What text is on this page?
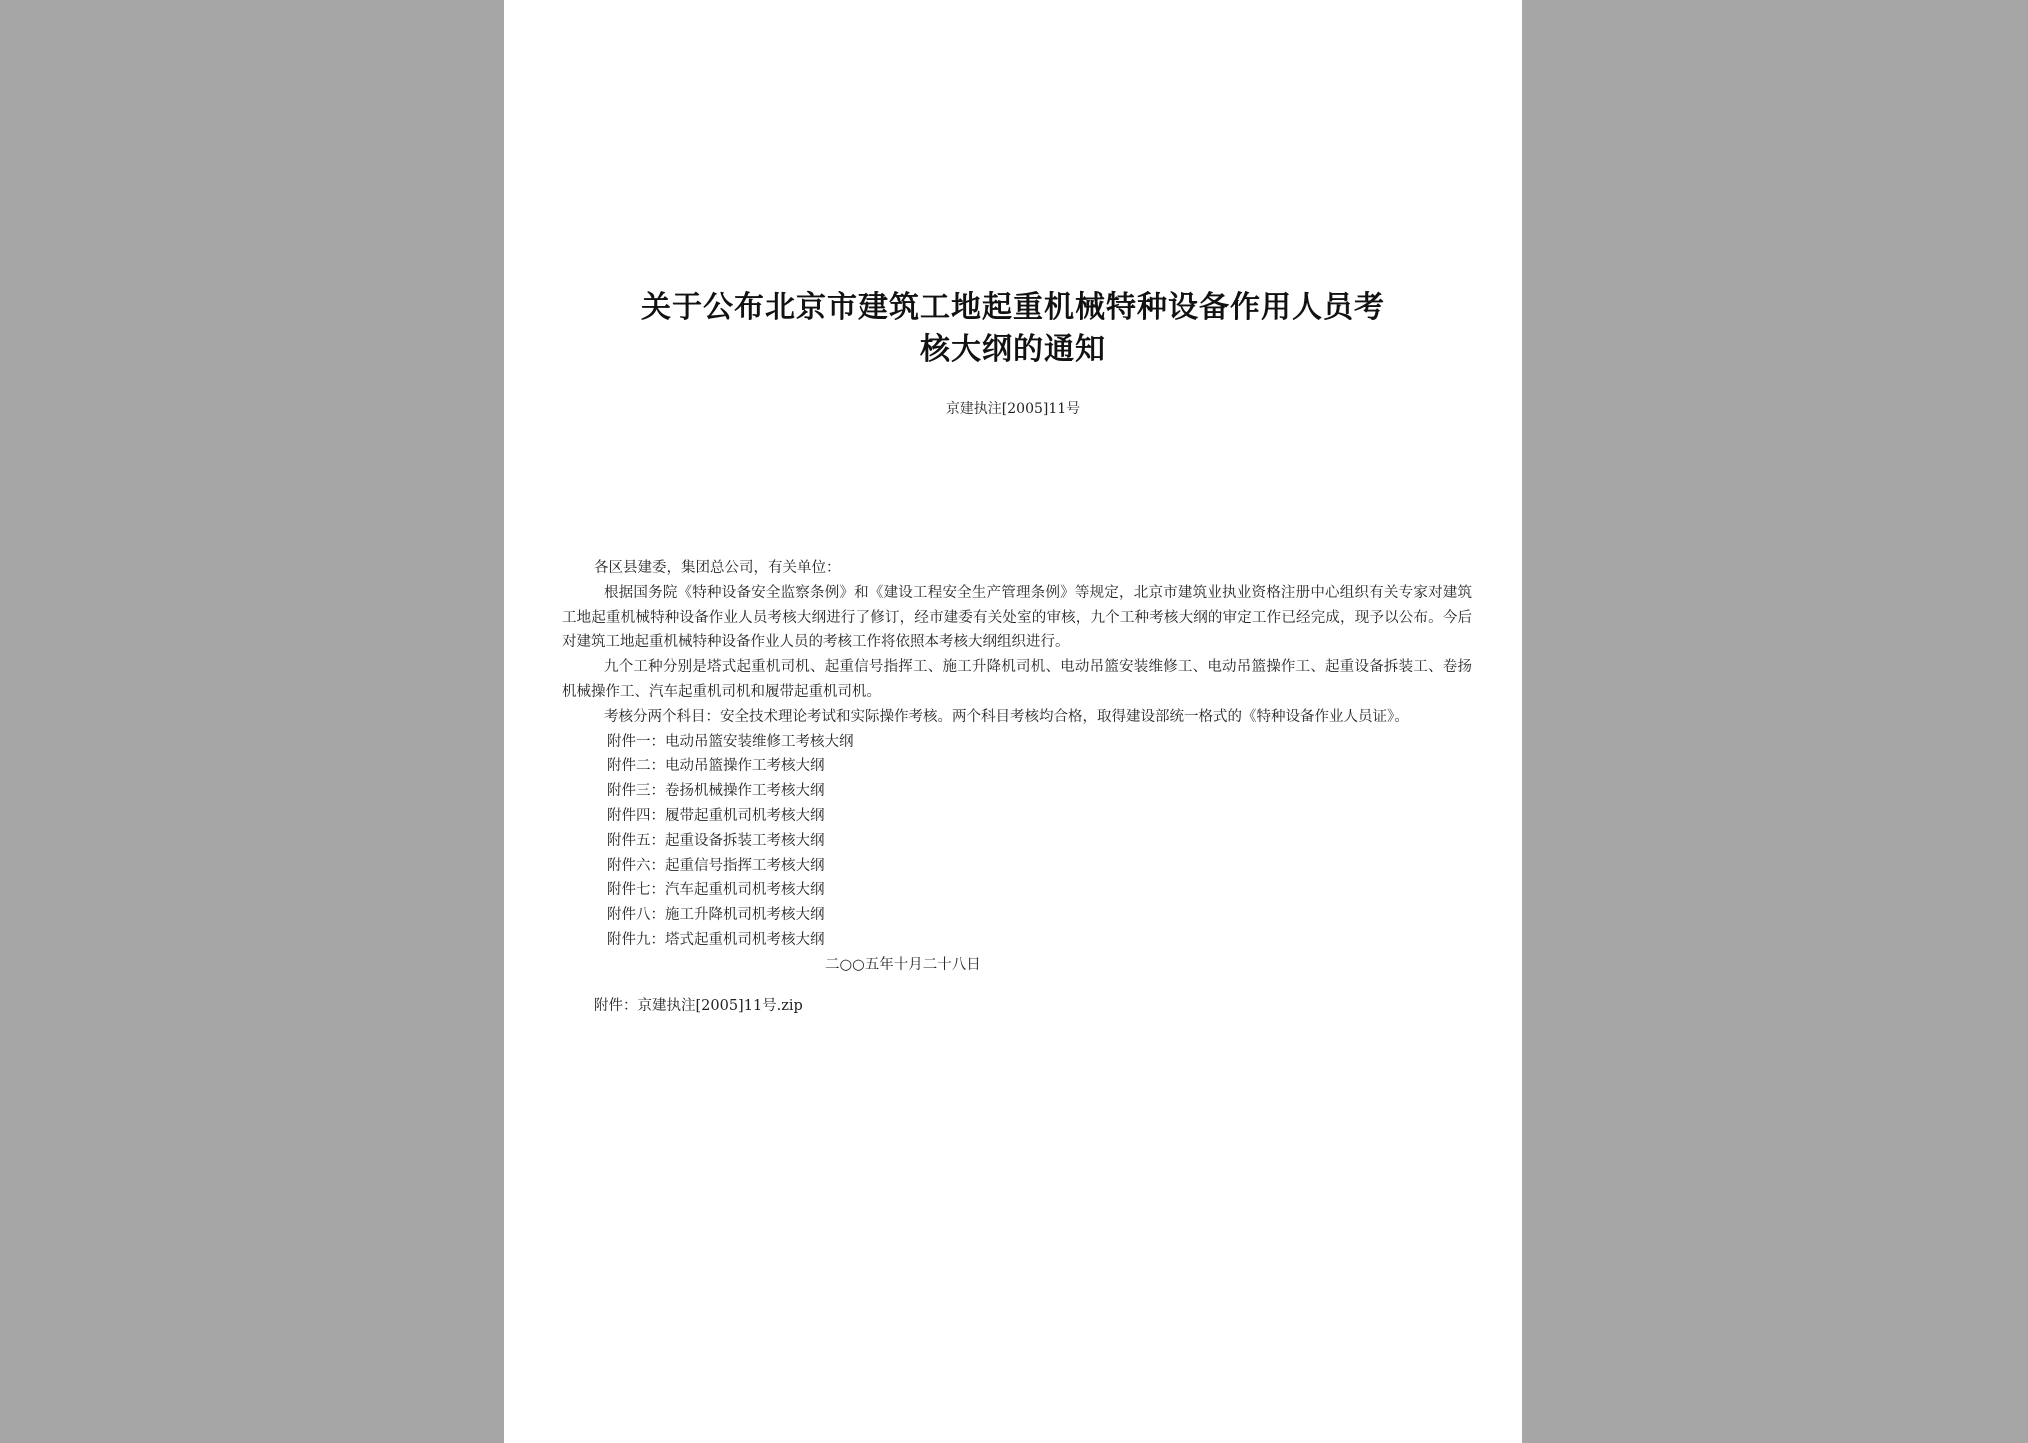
关于公布北京市建筑工地起重机械特种设备作用人员考
核大纲的通知
京建执注[2005]11号

各区县建委，集团总公司，有关单位：

根据国务院《特种设备安全监察条例》和《建设工程安全生产管理条例》等规定，北京市建筑业执业资格注册中心组织有关专家对建筑工地起重机械特种设备作业人员考核大纲进行了修订，经市建委有关处室的审核，九个工种考核大纲的审定工作已经完成，现予以公布。今后对建筑工地起重机械特种设备作业人员的考核工作将依照本考核大纲组织进行。

九个工种分别是塔式起重机司机、起重信号指挥工、施工升降机司机、电动吊篮安装维修工、电动吊篮操作工、起重设备拆装工、卷扬机械操作工、汽车起重机司机和履带起重机司机。

考核分两个科目：安全技术理论考试和实际操作考核。两个科目考核均合格，取得建设部统一格式的《特种设备作业人员证》。

附件一：电动吊篮安装维修工考核大纲
附件二：电动吊篮操作工考核大纲
附件三：卷扬机械操作工考核大纲
附件四：履带起重机司机考核大纲
附件五：起重设备拆装工考核大纲
附件六：起重信号指挥工考核大纲
附件七：汽车起重机司机考核大纲
附件八：施工升降机司机考核大纲
附件九：塔式起重机司机考核大纲

二○○五年十月二十八日

附件：京建执注[2005]11号.zip
